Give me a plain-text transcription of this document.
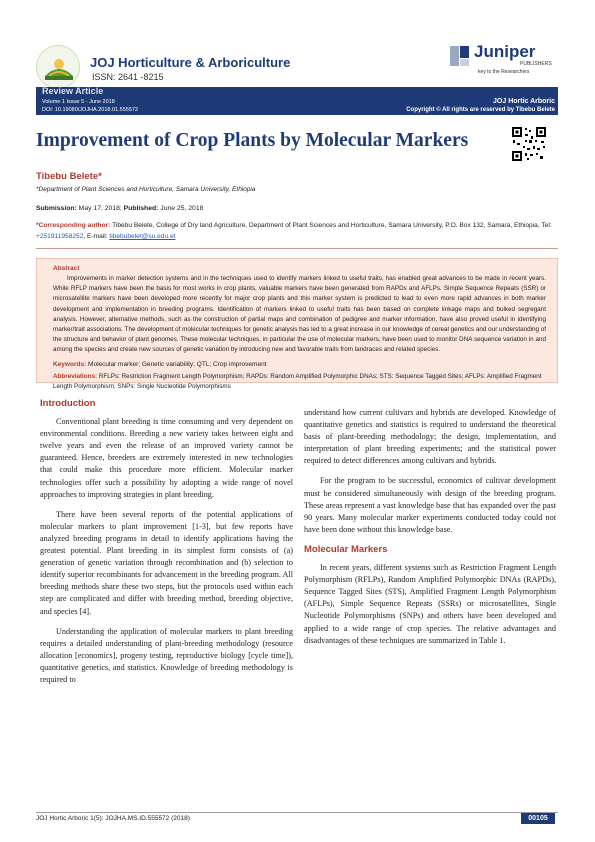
JOJ Horticulture & Arboriculture
ISSN: 2641 -8215
Juniper
PUBLISHERS
key to the Researchers
Review Article
Volume 1 Issue 5 - June 2018
DOI: 10.19080/JOJHA.2018.01.555572
JOJ Hortic Arboric
Copyright © All rights are reserved by Tibebu Belete
Improvement of Crop Plants by Molecular Markers
Tibebu Belete*
*Department of Plant Sciences and Horticulture, Samara University, Ethiopia
Submission: May 17, 2018; Published: June 25, 2018
*Corresponding author: Tibebu Belete, College of Dry land Agriculture, Department of Plant Sciences and Horticulture, Samara University, P.O. Box 132, Samara, Ethiopia, Tel: +251911958252, E-mail: tibebubelet@su.edu.et
Abstract
Improvements in marker detection systems and in the techniques used to identify markers linked to useful traits, has enabled great advances to be made in recent years. While RFLP markers have been the basis for most works in crop plants, valuable markers have been generated from RAPDs and AFLPs. Simple Sequence Repeats (SSR) or microsatellite markers have been developed more recently for major crop plants and this marker system is predicted to lead to even more rapid advances in both marker development and implementation in breeding programs. Identification of markers linked to useful traits has been based on complete linkage maps and bulked segregant analysis. However, alternative methods, such as the construction of partial maps and combination of pedigree and marker information, have also proved useful in identifying marker/trait associations. The development of molecular techniques for genetic analysis has led to a great increase in our knowledge of cereal genetics and our understanding of the structure and behavior of plant genomes. These molecular techniques, in particular the use of molecular markers, have been used to monitor DNA sequence variation in and among the species and create new sources of genetic variation by introducing new and favorable traits from landraces and related species.
Keywords: Molecular marker; Genetic variability; QTL; Crop improvement
Abbreviations: RFLPs: Restriction Fragment Length Polymorphism; RAPDs: Random Amplified Polymorphic DNAs; STS: Sequence Tagged Sites; AFLPs: Amplified Fragment Length Polymorphism; SNPs: Single Nucleotide Polymorphisms
Introduction

Conventional plant breeding is time consuming and very dependent on environmental conditions. Breeding a new variety takes between eight and twelve years and even the release of an improved variety cannot be guaranteed. Hence, breeders are extremely interested in new technologies that could make this procedure more efficient. Molecular marker technologies offer such a possibility by adopting a wide range of novel approaches to improving strategies in plant breeding.

There have been several reports of the potential applications of molecular markers to plant improvement [1-3], but few reports have analyzed breeding programs in detail to identify applications having the greatest potential. Plant breeding in its simplest form consists of (a) generation of genetic variation through recombination and (b) selection to identify superior recombinants for advancement in the breeding program. All breeding methods share these two steps, but the protocols used within each step are complicated and differ with breeding method, breeding objective, and species [4].

Understanding the application of molecular markers to plant breeding requires a detailed understanding of plant-breeding methodology (resource allocation [economics], progeny testing, reproductive biology [cycle time]), quantitative genetics, and statistics. Knowledge of breeding methodology is required to

understand how current cultivars and hybrids are developed. Knowledge of quantitative genetics and statistics is required to understand the theoretical basis of plant-breeding methodology; the design, implementation, and interpretation of plant breeding experiments; and the statistical power required to detect differences among cultivars and hybrids.

For the program to be successful, economics of cultivar development must be considered simultaneously with design of the breeding program. These areas represent a vast knowledge base that has expanded over the past 90 years. Many molecular marker experiments conducted today could not have been done without this knowledge base.

Molecular Markers

In recent years, different systems such as Restriction Fragment Length Polymorphism (RFLPs), Random Amplified Polymorphic DNAs (RAPDs), Sequence Tagged Sites (STS), Amplified Fragment Length Polymorphism (AFLPs), Simple Sequence Repeats (SSRs) or microsatellites, Single Nucleotide Polymorphisms (SNPs) and others have been developed and applied to a wide range of crop species. The relative advantages and disadvantages of these techniques are summarized in Table 1.

JOJ Hortic Arboric 1(5): JOJHA.MS.ID.555572 (2018)	00105
